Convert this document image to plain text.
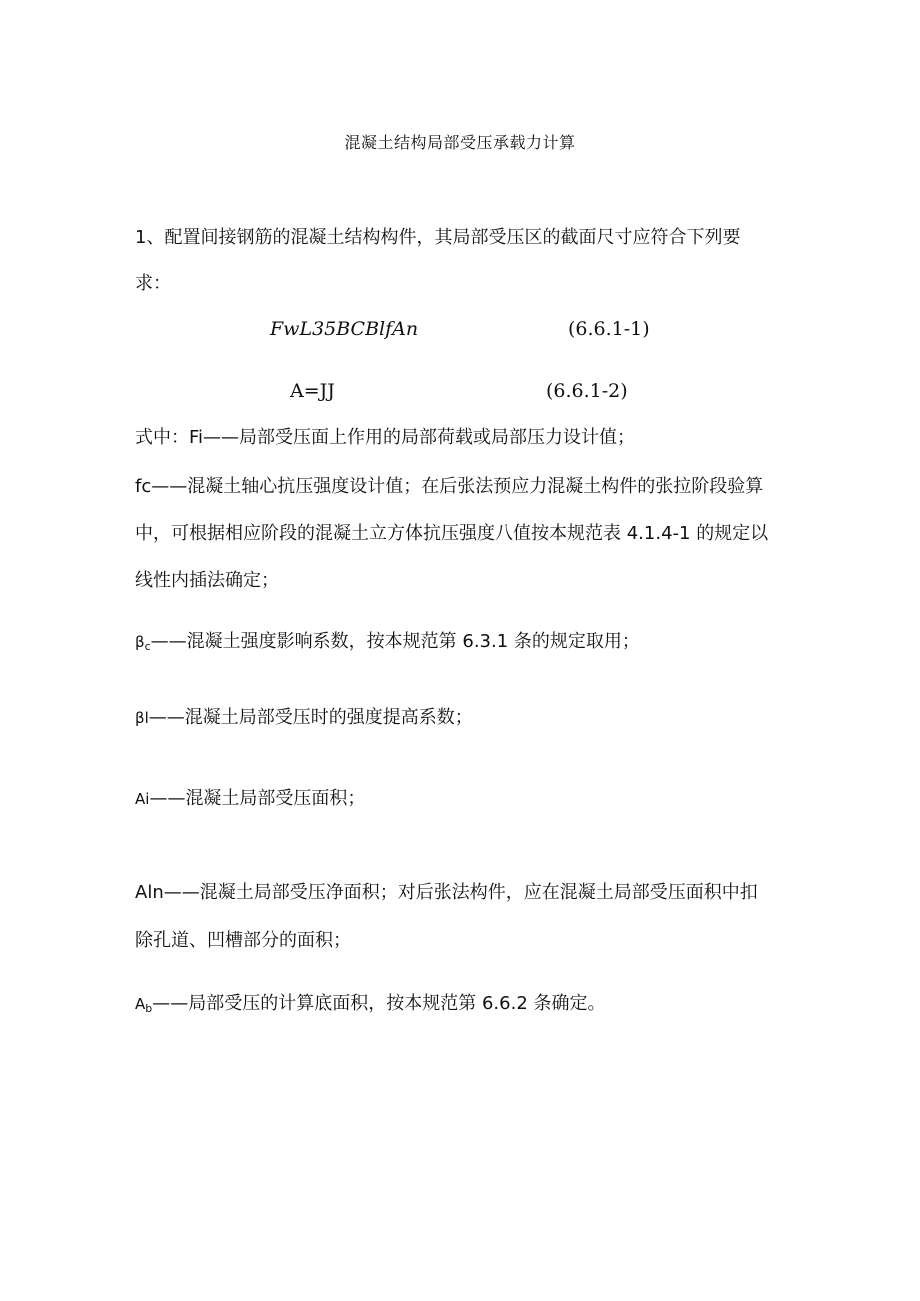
混凝土结构局部受压承载力计算
1、配置间接钢筋的混凝土结构构件，其局部受压区的截面尺寸应符合下列要
求：
FwL35BCBlfAn	(6.6.1-1)
A=JJ	(6.6.1-2)
式中：Fi——局部受压面上作用的局部荷载或局部压力设计值；
fc——混凝土轴心抗压强度设计值；在后张法预应力混凝土构件的张拉阶段验算
中，可根据相应阶段的混凝土立方体抗压强度八值按本规范表 4.1.4-1 的规定以
线性内插法确定；
$\beta_c——$混凝土强度影响系数，按本规范第 6.3.1 条的规定取用；
βl——混凝土局部受压时的强度提高系数；
Ai——混凝土局部受压面积；
Aln——混凝土局部受压净面积；对后张法构件，应在混凝土局部受压面积中扣
除孔道、凹槽部分的面积；
$A_b——$局部受压的计算底面积，按本规范第 6.6.2 条确定。
